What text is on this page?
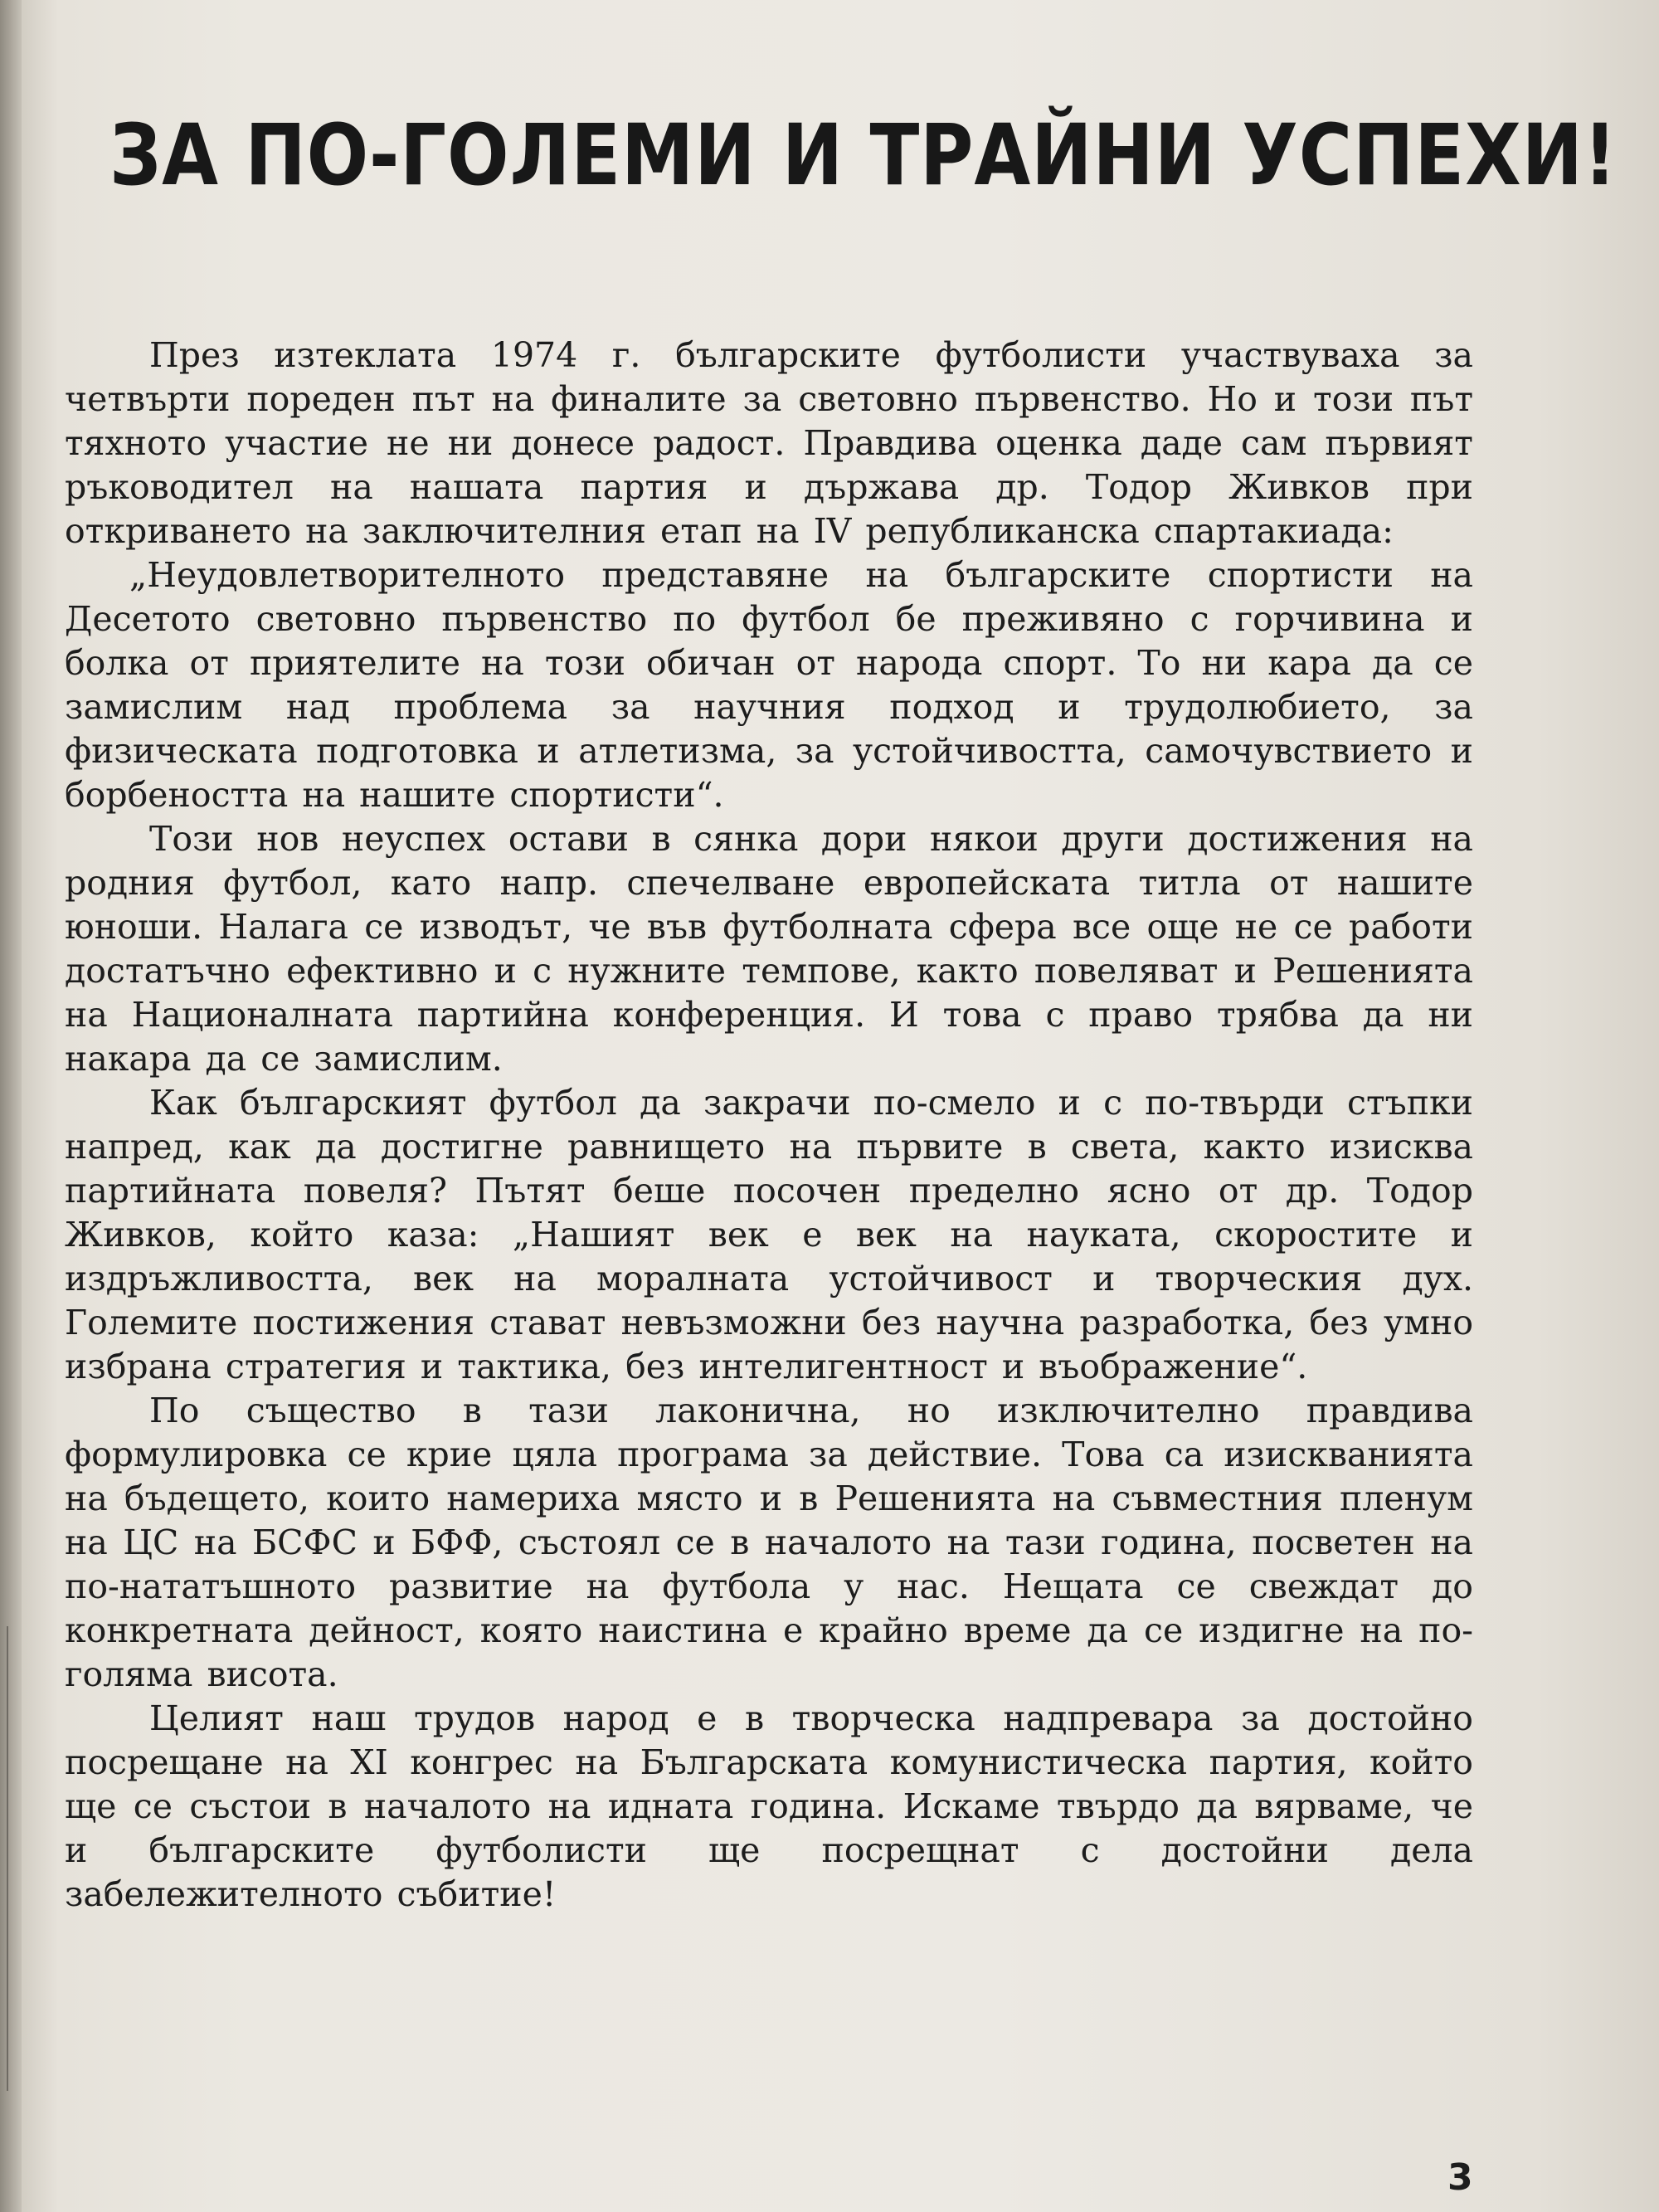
ЗА ПО-ГОЛЕМИ И ТРАЙНИ УСПЕХИ!

През изтеклата 1974 г. българските футболисти участвуваха за четвърти пореден път на финалите за световно първенство. Но и този път тяхното участие не ни донесе радост. Правдива оценка даде сам първият ръководител на нашата партия и държава др. Тодор Живков при откриването на заключителния етап на IV републиканска спартакиада:

„Неудовлетворителното представяне на българските спортисти на Десетото световно първенство по футбол бе преживяно с горчивина и болка от приятелите на този обичан от народа спорт. То ни кара да се замислим над проблема за научния подход и трудолюбието, за физическата подготовка и атлетизма, за устойчивостта, самочувствието и борбеността на нашите спортисти“.

Този нов неуспех остави в сянка дори някои други достижения на родния футбол, като напр. спечелване европейската титла от нашите юноши. Налага се изводът, че във футболната сфера все още не се работи достатъчно ефективно и с нужните темпове, както повеляват и Решенията на Националната партийна конференция. И това с право трябва да ни накара да се замислим.

Как българският футбол да закрачи по-смело и с по-твърди стъпки напред, как да достигне равнището на първите в света, както изисква партийната повеля? Пътят беше посочен пределно ясно от др. Тодор Живков, който каза: „Нашият век е век на науката, скоростите и издръжливостта, век на моралната устойчивост и творческия дух. Големите постижения стават невъзможни без научна разработка, без умно избрана стратегия и тактика, без интелигентност и въображение“.

По същество в тази лаконична, но изключително правдива формулировка се крие цяла програма за действие. Това са изискванията на бъдещето, които намериха място и в Решенията на съвместния пленум на ЦС на БСФС и БФФ, състоял се в началото на тази година, посветен на по-нататъшното развитие на футбола у нас. Нещата се свеждат до конкретната дейност, която наистина е крайно време да се издигне на по-голяма висота.

Целият наш трудов народ е в творческа надпревара за достойно посрещане на XI конгрес на Българската комунистическа партия, който ще се състои в началото на идната година. Искаме твърдо да вярваме, че и българските футболисти ще посрещнат с достойни дела забележителното събитие!

3
